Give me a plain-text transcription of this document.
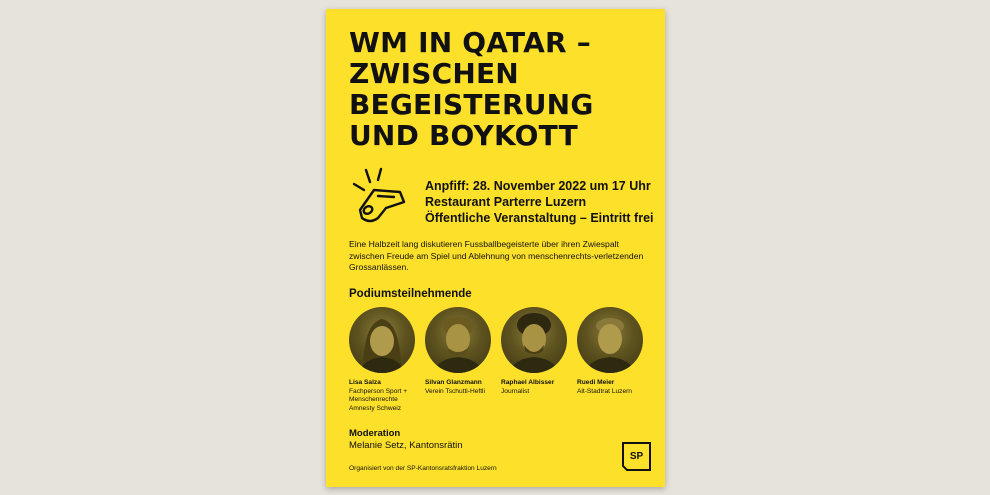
WM IN QATAR –
ZWISCHEN
BEGEISTERUNG
UND BOYKOTT
Anpfiff: 28. November 2022 um 17 Uhr
Restaurant Parterre Luzern
Öffentliche Veranstaltung – Eintritt frei

Eine Halbzeit lang diskutieren Fussballbegeisterte über ihren Zwiespalt zwischen Freude am Spiel und Ablehnung von menschenrechts-verletzenden Grossanlässen.

Podiumsteilnehmende
Lisa Salza
Fachperson Sport + Menschenrechte Amnesty Schweiz
Silvan Glanzmann
Verein Tschutti-Heftli
Raphael Albisser
Journalist
Ruedi Meier
Alt-Stadtrat Luzern
Moderation
Melanie Setz, Kantonsrätin
Organisiert von der SP-Kantonsratsfraktion Luzern
SP
